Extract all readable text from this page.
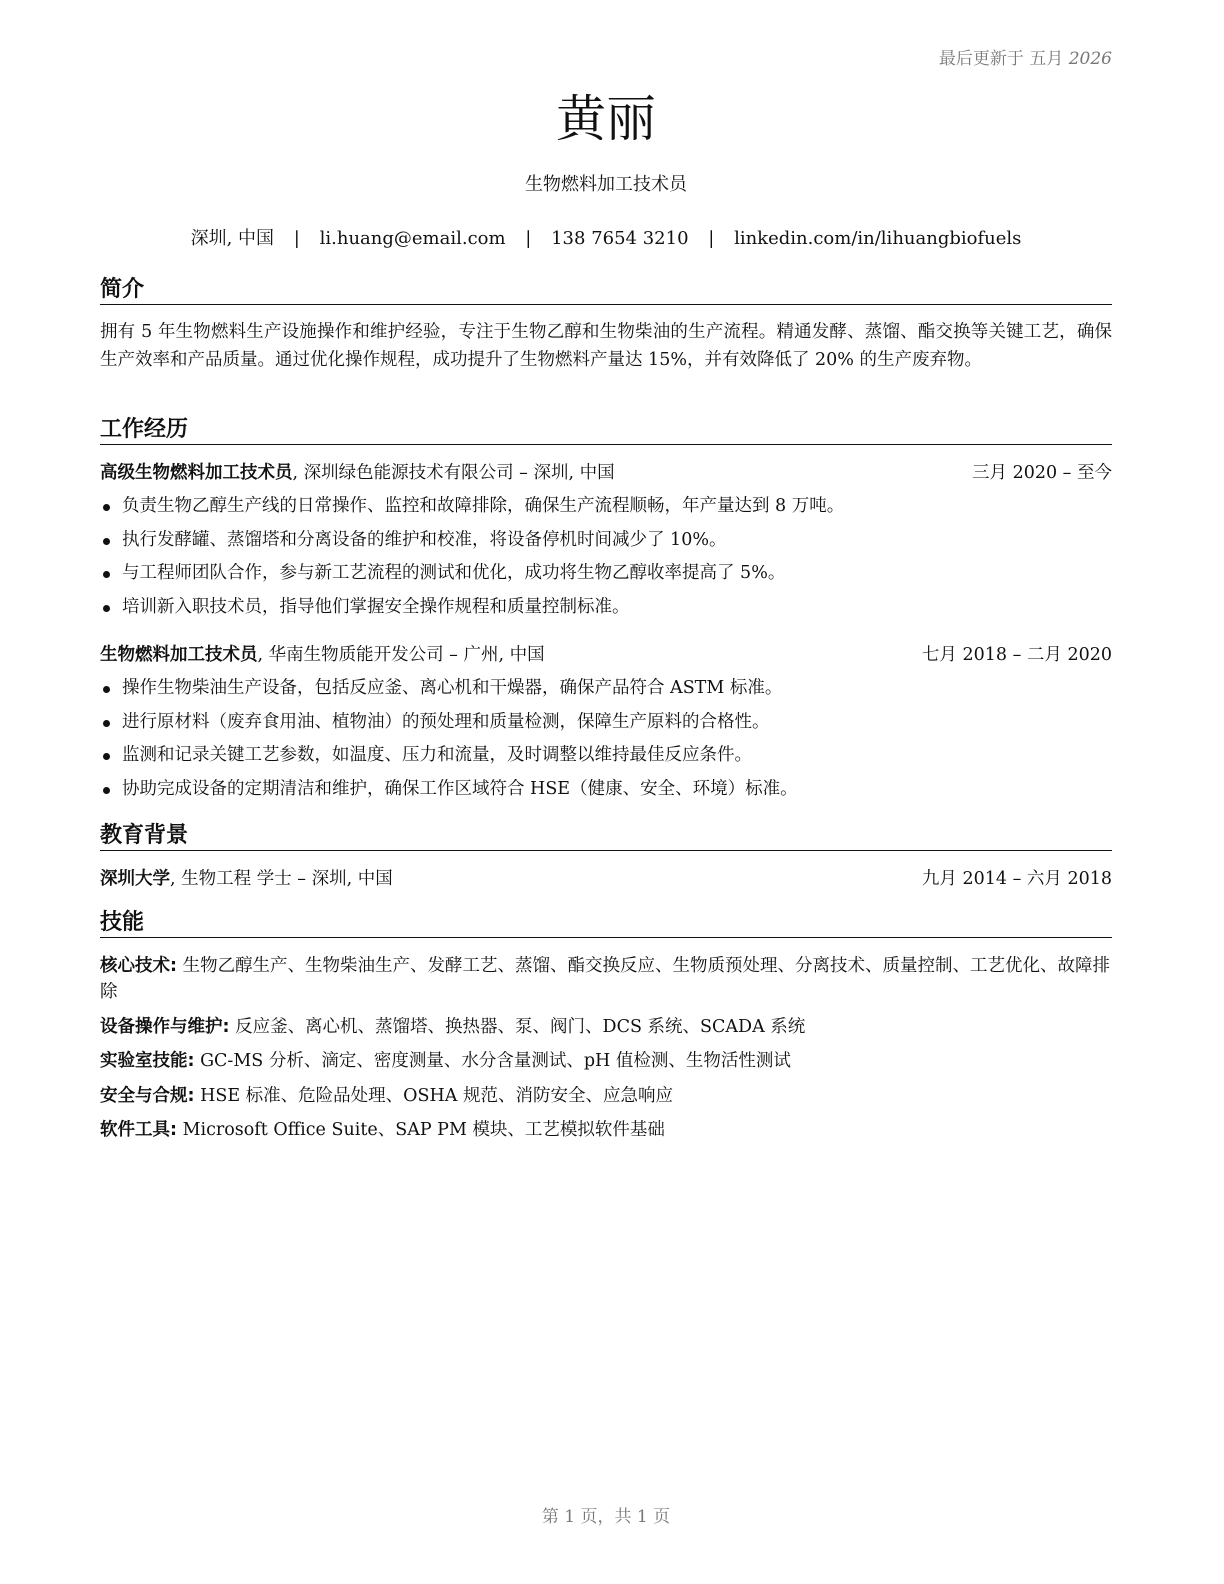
最后更新于 五月 2026
黄丽
生物燃料加工技术员
深圳, 中国 | li.huang@email.com | 138 7654 3210 | linkedin.com/in/lihuangbiofuels
简介
拥有 5 年生物燃料生产设施操作和维护经验，专注于生物乙醇和生物柴油的生产流程。精通发酵、蒸馏、酯交换等关键工艺，确保生产效率和产品质量。通过优化操作规程，成功提升了生物燃料产量达 15%，并有效降低了 20% 的生产废弃物。
工作经历
高级生物燃料加工技术员, 深圳绿色能源技术有限公司 – 深圳, 中国	三月 2020 – 至今
负责生物乙醇生产线的日常操作、监控和故障排除，确保生产流程顺畅，年产量达到 8 万吨。
执行发酵罐、蒸馏塔和分离设备的维护和校准，将设备停机时间减少了 10%。
与工程师团队合作，参与新工艺流程的测试和优化，成功将生物乙醇收率提高了 5%。
培训新入职技术员，指导他们掌握安全操作规程和质量控制标准。
生物燃料加工技术员, 华南生物质能开发公司 – 广州, 中国	七月 2018 – 二月 2020
操作生物柴油生产设备，包括反应釜、离心机和干燥器，确保产品符合 ASTM 标准。
进行原材料（废弃食用油、植物油）的预处理和质量检测，保障生产原料的合格性。
监测和记录关键工艺参数，如温度、压力和流量，及时调整以维持最佳反应条件。
协助完成设备的定期清洁和维护，确保工作区域符合 HSE（健康、安全、环境）标准。
教育背景
深圳大学, 生物工程 学士 – 深圳, 中国	九月 2014 – 六月 2018
技能
核心技术: 生物乙醇生产、生物柴油生产、发酵工艺、蒸馏、酯交换反应、生物质预处理、分离技术、质量控制、工艺优化、故障排除
设备操作与维护: 反应釜、离心机、蒸馏塔、换热器、泵、阀门、DCS 系统、SCADA 系统
实验室技能: GC-MS 分析、滴定、密度测量、水分含量测试、pH 值检测、生物活性测试
安全与合规: HSE 标准、危险品处理、OSHA 规范、消防安全、应急响应
软件工具: Microsoft Office Suite、SAP PM 模块、工艺模拟软件基础
第 1 页，共 1 页
